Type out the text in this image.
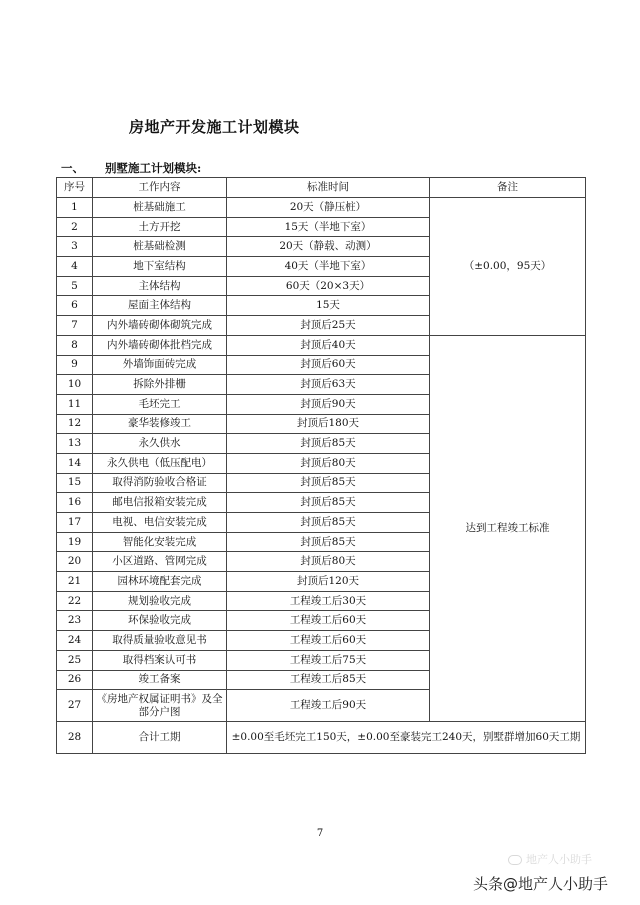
房地产开发施工计划模块
一、 别墅施工计划模块:
序号	工作内容	标准时间	备注
1	桩基础施工	20天（静压桩）	（±0.00，95天）
2	土方开挖	15天（半地下室）	
3	桩基础检测	20天（静载、动测）	
4	地下室结构	40天（半地下室）	
5	主体结构	60天（20×3天）	
6	屋面主体结构	15天	
7	内外墙砖砌体砌筑完成	封顶后25天	
8	内外墙砖砌体批档完成	封顶后40天	达到工程竣工标准
9	外墙饰面砖完成	封顶后60天	
10	拆除外排栅	封顶后63天	
11	毛坯完工	封顶后90天	
12	豪华装修竣工	封顶后180天	
13	永久供水	封顶后85天	
14	永久供电（低压配电）	封顶后80天	
15	取得消防验收合格证	封顶后85天	
16	邮电信报箱安装完成	封顶后85天	
17	电视、电信安装完成	封顶后85天	
19	智能化安装完成	封顶后85天	
20	小区道路、管网完成	封顶后80天	
21	园林环境配套完成	封顶后120天	
22	规划验收完成	工程竣工后30天	
23	环保验收完成	工程竣工后60天	
24	取得质量验收意见书	工程竣工后60天	
25	取得档案认可书	工程竣工后75天	
26	竣工备案	工程竣工后85天	
27	《房地产权属证明书》及全部分户图	工程竣工后90天	
28	合计工期	±0.00至毛坯完工150天，±0.00至豪装完工240天，别墅群增加60天工期	
7
地产人小助手
头条@地产人小助手
